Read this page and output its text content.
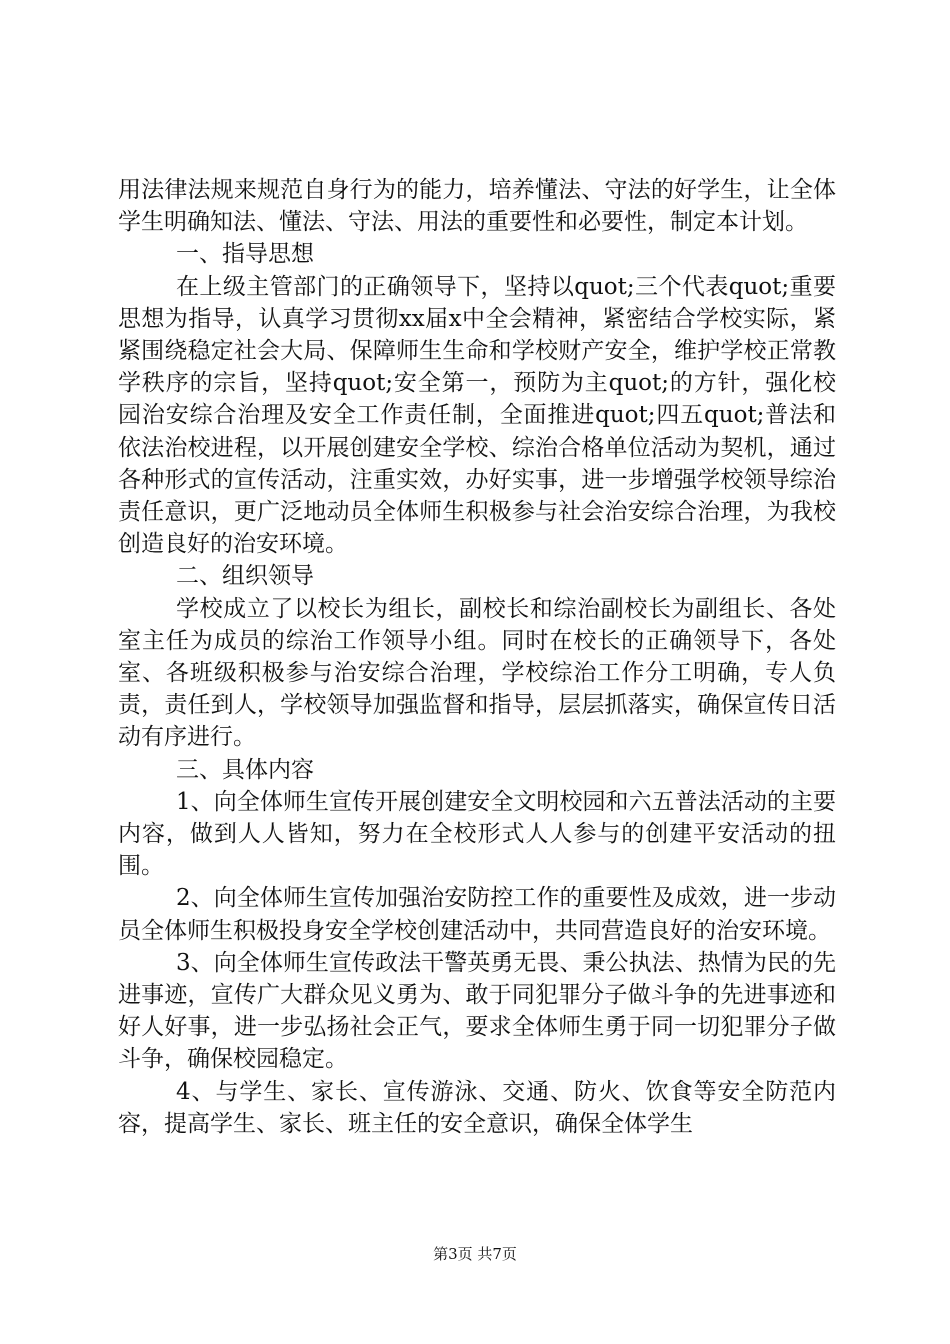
用法律法规来规范自身行为的能力，培养懂法、守法的好学生，让全体学生明确知法、懂法、守法、用法的重要性和必要性，制定本计划。

一、指导思想

在上级主管部门的正确领导下，坚持以quot;三个代表quot;重要思想为指导，认真学习贯彻xx届x中全会精神，紧密结合学校实际，紧紧围绕稳定社会大局、保障师生生命和学校财产安全，维护学校正常教学秩序的宗旨，坚持quot;安全第一，预防为主quot;的方针，强化校园治安综合治理及安全工作责任制，全面推进quot;四五quot;普法和依法治校进程，以开展创建安全学校、综治合格单位活动为契机，通过各种形式的宣传活动，注重实效，办好实事，进一步增强学校领导综治责任意识，更广泛地动员全体师生积极参与社会治安综合治理，为我校创造良好的治安环境。

二、组织领导

学校成立了以校长为组长，副校长和综治副校长为副组长、各处室主任为成员的综治工作领导小组。同时在校长的正确领导下，各处室、各班级积极参与治安综合治理，学校综治工作分工明确，专人负责，责任到人，学校领导加强监督和指导，层层抓落实，确保宣传日活动有序进行。

三、具体内容

1、向全体师生宣传开展创建安全文明校园和六五普法活动的主要内容，做到人人皆知，努力在全校形式人人参与的创建平安活动的扭围。

2、向全体师生宣传加强治安防控工作的重要性及成效，进一步动员全体师生积极投身安全学校创建活动中，共同营造良好的治安环境。

3、向全体师生宣传政法干警英勇无畏、秉公执法、热情为民的先进事迹，宣传广大群众见义勇为、敢于同犯罪分子做斗争的先进事迹和好人好事，进一步弘扬社会正气，要求全体师生勇于同一切犯罪分子做斗争，确保校园稳定。

4、与学生、家长、宣传游泳、交通、防火、饮食等安全防范内容，提高学生、家长、班主任的安全意识，确保全体学生

第3页 共7页
